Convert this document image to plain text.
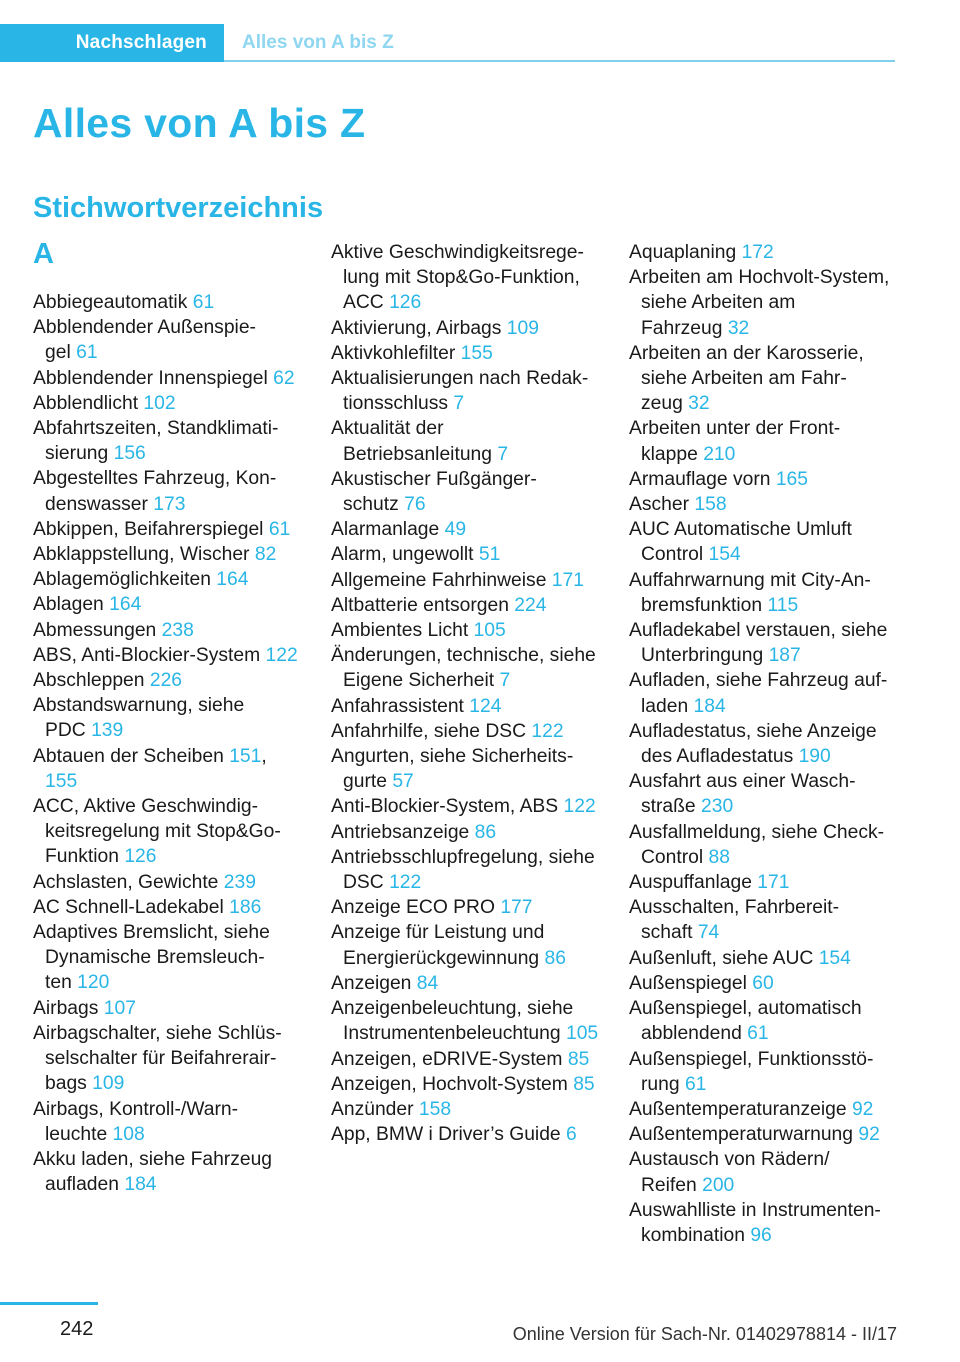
Nachschlagen Alles von A bis Z
Alles von A bis Z
Stichwortverzeichnis
A

Abbiegeautomatik 61

Abblendender Außenspiegel 61

Abblendender Innenspiegel 62

Abblendlicht 102

Abfahrtszeiten, Standklimatisierung 156

Abgestelltes Fahrzeug, Kondenswasser 173

Abkippen, Beifahrerspiegel 61

Abklappstellung, Wischer 82

Ablagemöglichkeiten 164

Ablagen 164

Abmessungen 238

ABS, Anti-Blockier-System 122

Abschleppen 226

Abstandswarnung, siehe PDC 139

Abtauen der Scheiben 151, 155

ACC, Aktive Geschwindigkeitsregelung mit Stop&Go-Funktion 126

Achslasten, Gewichte 239

AC Schnell-Ladekabel 186

Adaptives Bremslicht, siehe Dynamische Bremsleuchten 120

Airbags 107

Airbagschalter, siehe Schlüsselschalter für Beifahrerairbags 109

Airbags, Kontroll-/Warnleuchte 108

Akku laden, siehe Fahrzeug aufladen 184

Aktive Geschwindigkeitsregelung mit Stop&Go-Funktion, ACC 126

Aktivierung, Airbags 109

Aktivkohlefilter 155

Aktualisierungen nach Redaktionsschluss 7

Aktualität der Betriebsanleitung 7

Akustischer Fußgängerschutz 76

Alarmanlage 49

Alarm, ungewollt 51

Allgemeine Fahrhinweise 171

Altbatterie entsorgen 224

Ambientes Licht 105

Änderungen, technische, siehe Eigene Sicherheit 7

Anfahrassistent 124

Anfahrhilfe, siehe DSC 122

Angurten, siehe Sicherheitsgurte 57

Anti-Blockier-System, ABS 122

Antriebsanzeige 86

Antriebsschlupfregelung, siehe DSC 122

Anzeige ECO PRO 177

Anzeige für Leistung und Energierückgewinnung 86

Anzeigen 84

Anzeigenbeleuchtung, siehe Instrumentenbeleuchtung 105

Anzeigen, eDRIVE-System 85

Anzeigen, Hochvolt-System 85

Anzünder 158

App, BMW i Driver’s Guide 6

Aquaplaning 172

Arbeiten am Hochvolt-System, siehe Arbeiten am Fahrzeug 32

Arbeiten an der Karosserie, siehe Arbeiten am Fahrzeug 32

Arbeiten unter der Frontklappe 210

Armauflage vorn 165

Ascher 158

AUC Automatische Umluft Control 154

Auffahrwarnung mit City-Anbremsfunktion 115

Aufladekabel verstauen, siehe Unterbringung 187

Aufladen, siehe Fahrzeug aufladen 184

Aufladestatus, siehe Anzeige des Aufladestatus 190

Ausfahrt aus einer Waschstraße 230

Ausfallmeldung, siehe Check-Control 88

Auspuffanlage 171

Ausschalten, Fahrbereitschaft 74

Außenluft, siehe AUC 154

Außenspiegel 60

Außenspiegel, automatisch abblendend 61

Außenspiegel, Funktionsstörung 61

Außentemperaturanzeige 92

Außentemperaturwarnung 92

Austausch von Rädern/ Reifen 200

Auswahlliste in Instrumentenkombination 96

242	Online Version für Sach-Nr. 01402978814 - II/17
